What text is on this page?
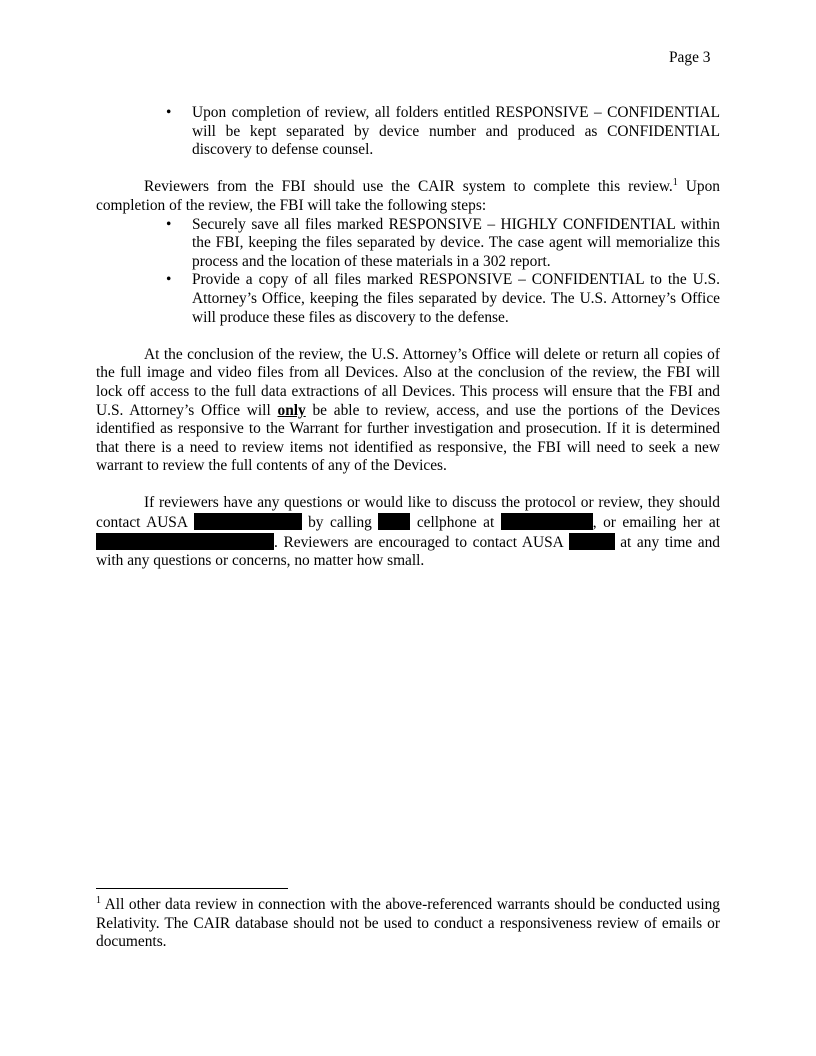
Page 3
• Upon completion of review, all folders entitled RESPONSIVE – CONFIDENTIAL will be kept separated by device number and produced as CONFIDENTIAL discovery to defense counsel.

Reviewers from the FBI should use the CAIR system to complete this review.$^1$ Upon completion of the review, the FBI will take the following steps:

• Securely save all files marked RESPONSIVE – HIGHLY CONFIDENTIAL within the FBI, keeping the files separated by device. The case agent will memorialize this process and the location of these materials in a 302 report.
• Provide a copy of all files marked RESPONSIVE – CONFIDENTIAL to the U.S. Attorney’s Office, keeping the files separated by device. The U.S. Attorney’s Office will produce these files as discovery to the defense.

At the conclusion of the review, the U.S. Attorney’s Office will delete or return all copies of the full image and video files from all Devices. Also at the conclusion of the review, the FBI will lock off access to the full data extractions of all Devices. This process will ensure that the FBI and U.S. Attorney’s Office will only be able to review, access, and use the portions of the Devices identified as responsive to the Warrant for further investigation and prosecution. If it is determined that there is a need to review items not identified as responsive, the FBI will need to seek a new warrant to review the full contents of any of the Devices.

If reviewers have any questions or would like to discuss the protocol or review, they should contact AUSA	by calling  cellphone at	, or emailing her at . Reviewers are encouraged to contact AUSA	at any time and with any questions or concerns, no matter how small.

$^1$ All other data review in connection with the above-referenced warrants should be conducted using Relativity. The CAIR database should not be used to conduct a responsiveness review of emails or documents.
